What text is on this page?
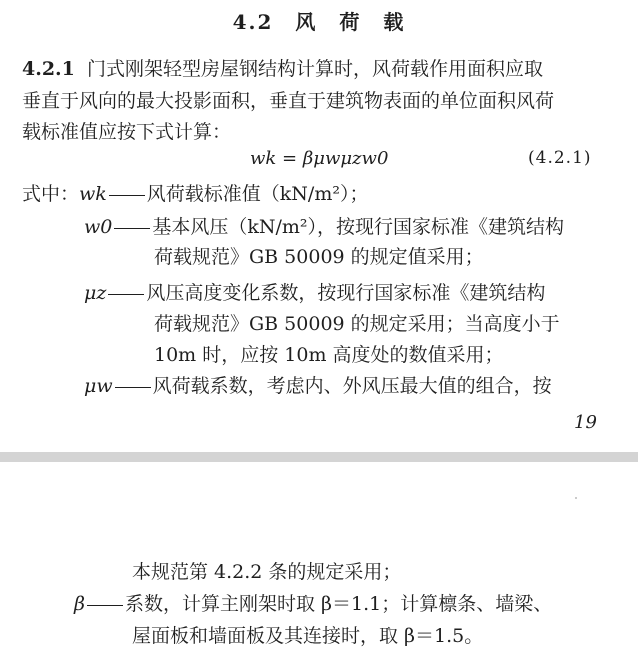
4.2　风　荷　载
4.2.1 门式刚架轻型房屋钢结构计算时，风荷载作用面积应取
垂直于风向的最大投影面积，垂直于建筑物表面的单位面积风荷
载标准值应按下式计算：
wk = βμwμzw0	(4.2.1)
式中：wk 风荷载标准值（kN/m²）；
w0 基本风压（kN/m²），按现行国家标准《建筑结构
荷载规范》GB 50009 的规定值采用；
μz 风压高度变化系数，按现行国家标准《建筑结构
荷载规范》GB 50009 的规定采用；当高度小于
10m 时，应按 10m 高度处的数值采用；
μw 风荷载系数，考虑内、外风压最大值的组合，按
19
本规范第 4.2.2 条的规定采用；
β 系数，计算主刚架时取 β＝1.1；计算檩条、墙梁、
屋面板和墙面板及其连接时，取 β＝1.5。
